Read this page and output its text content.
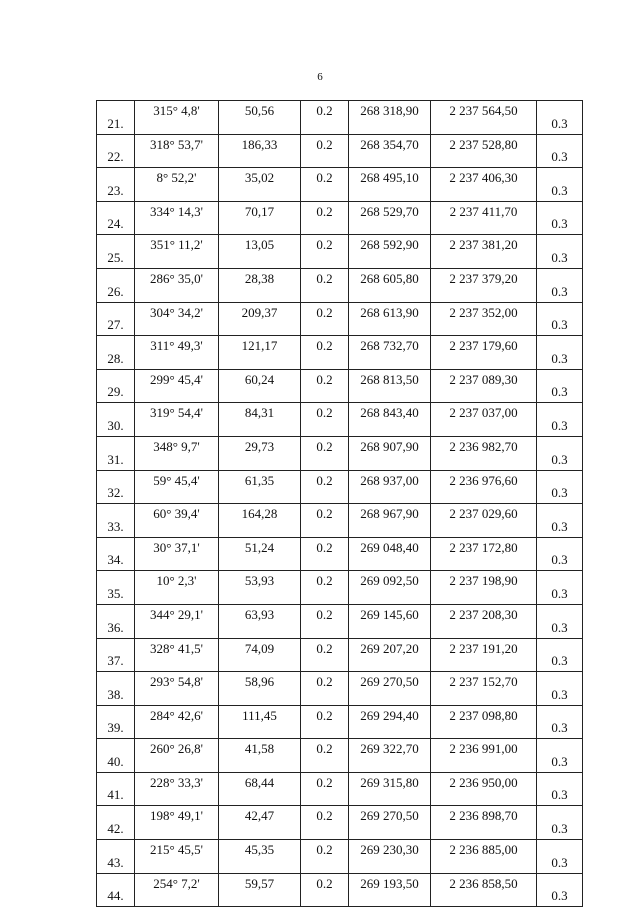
6
21.	315° 4,8'	50,56	0.2	268 318,90	2 237 564,50	0.3
22.	318° 53,7'	186,33	0.2	268 354,70	2 237 528,80	0.3
23.	8° 52,2'	35,02	0.2	268 495,10	2 237 406,30	0.3
24.	334° 14,3'	70,17	0.2	268 529,70	2 237 411,70	0.3
25.	351° 11,2'	13,05	0.2	268 592,90	2 237 381,20	0.3
26.	286° 35,0'	28,38	0.2	268 605,80	2 237 379,20	0.3
27.	304° 34,2'	209,37	0.2	268 613,90	2 237 352,00	0.3
28.	311° 49,3'	121,17	0.2	268 732,70	2 237 179,60	0.3
29.	299° 45,4'	60,24	0.2	268 813,50	2 237 089,30	0.3
30.	319° 54,4'	84,31	0.2	268 843,40	2 237 037,00	0.3
31.	348° 9,7'	29,73	0.2	268 907,90	2 236 982,70	0.3
32.	59° 45,4'	61,35	0.2	268 937,00	2 236 976,60	0.3
33.	60° 39,4'	164,28	0.2	268 967,90	2 237 029,60	0.3
34.	30° 37,1'	51,24	0.2	269 048,40	2 237 172,80	0.3
35.	10° 2,3'	53,93	0.2	269 092,50	2 237 198,90	0.3
36.	344° 29,1'	63,93	0.2	269 145,60	2 237 208,30	0.3
37.	328° 41,5'	74,09	0.2	269 207,20	2 237 191,20	0.3
38.	293° 54,8'	58,96	0.2	269 270,50	2 237 152,70	0.3
39.	284° 42,6'	111,45	0.2	269 294,40	2 237 098,80	0.3
40.	260° 26,8'	41,58	0.2	269 322,70	2 236 991,00	0.3
41.	228° 33,3'	68,44	0.2	269 315,80	2 236 950,00	0.3
42.	198° 49,1'	42,47	0.2	269 270,50	2 236 898,70	0.3
43.	215° 45,5'	45,35	0.2	269 230,30	2 236 885,00	0.3
44.	254° 7,2'	59,57	0.2	269 193,50	2 236 858,50	0.3
